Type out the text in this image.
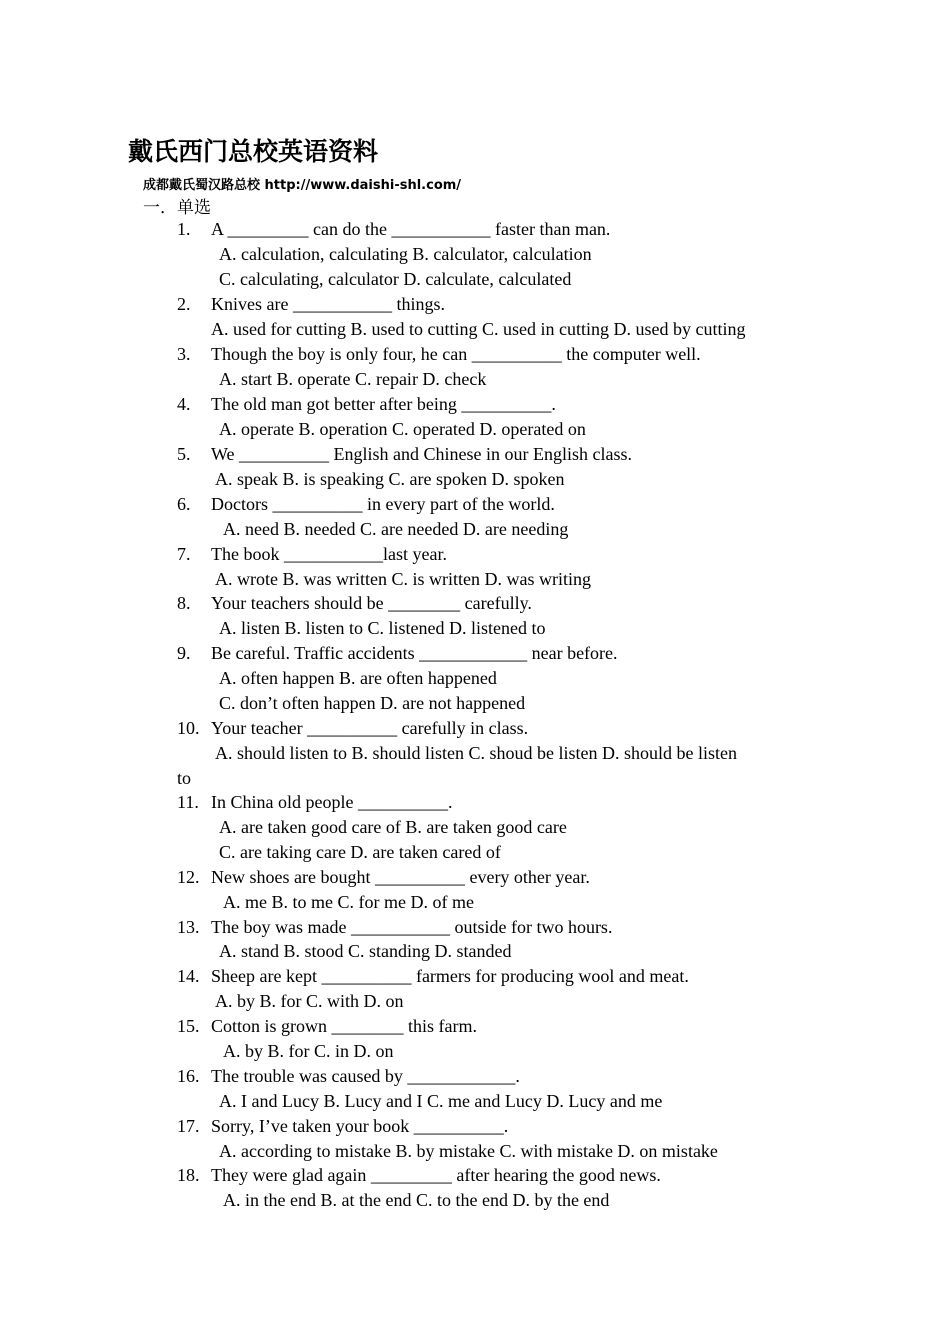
戴氏西门总校英语资料
成都戴氏蜀汉路总校 http://www.daishi-shl.com/
一．单选
1. A _________ can do the ___________ faster than man.
A. calculation, calculating B. calculator, calculation
C. calculating, calculator D. calculate, calculated
2. Knives are ___________ things.
A. used for cutting B. used to cutting C. used in cutting D. used by cutting
3. Though the boy is only four, he can __________ the computer well.
A. start B. operate C. repair D. check
4. The old man got better after being __________.
A. operate B. operation C. operated D. operated on
5. We __________ English and Chinese in our English class.
A. speak B. is speaking C. are spoken D. spoken
6. Doctors __________ in every part of the world.
A. need B. needed C. are needed D. are needing
7. The book ___________last year.
A. wrote B. was written C. is written D. was writing
8. Your teachers should be ________ carefully.
A. listen B. listen to C. listened D. listened to
9. Be careful. Traffic accidents ____________ near before.
A. often happen B. are often happened
C. don’t often happen D. are not happened
10. Your teacher __________ carefully in class.
A. should listen to B. should listen C. shoud be listen D. should be listen
to
11. In China old people __________.
A. are taken good care of B. are taken good care
C. are taking care D. are taken cared of
12. New shoes are bought __________ every other year.
A. me B. to me C. for me D. of me
13. The boy was made ___________ outside for two hours.
A. stand B. stood C. standing D. standed
14. Sheep are kept __________ farmers for producing wool and meat.
A. by B. for C. with D. on
15. Cotton is grown ________ this farm.
A. by B. for C. in D. on
16. The trouble was caused by ____________.
A. I and Lucy B. Lucy and I C. me and Lucy D. Lucy and me
17. Sorry, I’ve taken your book __________.
A. according to mistake B. by mistake C. with mistake D. on mistake
18. They were glad again _________ after hearing the good news.
A. in the end B. at the end C. to the end D. by the end
